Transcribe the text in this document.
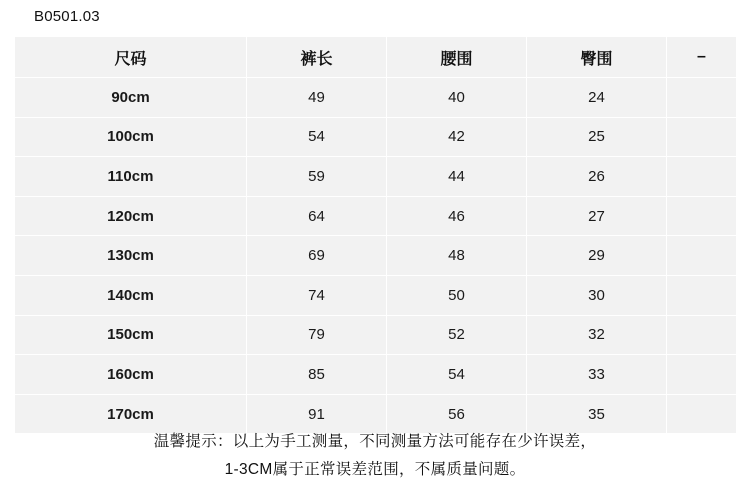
B0501.03
尺码	裤长	腰围	臀围	–
90cm	49	40	24	
100cm	54	42	25	
110cm	59	44	26	
120cm	64	46	27	
130cm	69	48	29	
140cm	74	50	30	
150cm	79	52	32	
160cm	85	54	33	
170cm	91	56	35	
温馨提示：以上为手工测量，不同测量方法可能存在少许误差，
1-3CM属于正常误差范围，不属质量问题。
